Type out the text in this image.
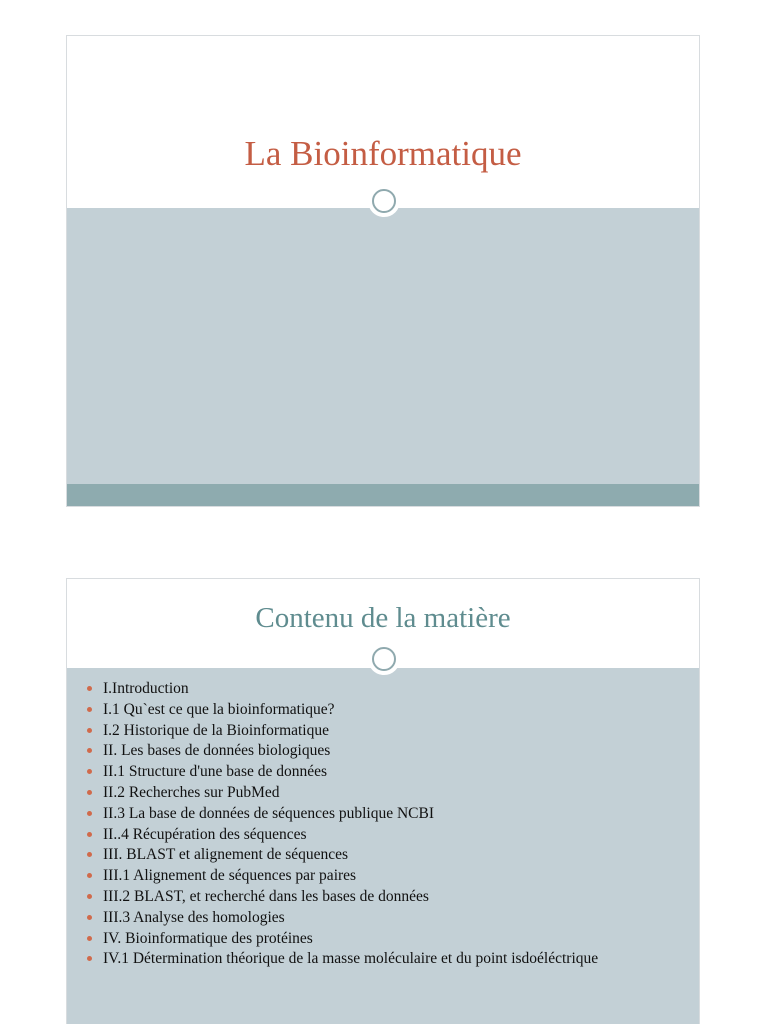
La Bioinformatique
Contenu de la matière
I.Introduction
I.1 Qu`est ce que la bioinformatique?
I.2 Historique de la Bioinformatique
II. Les bases de données biologiques
II.1 Structure d'une base de données
II.2 Recherches sur PubMed
II.3 La base de données de séquences publique NCBI
II..4 Récupération des séquences
III. BLAST et alignement de séquences
III.1 Alignement de séquences par paires
III.2 BLAST, et recherché dans les bases de données
III.3 Analyse des homologies
IV. Bioinformatique des protéines
IV.1 Détermination théorique de la masse moléculaire et du point isdoéléctrique
